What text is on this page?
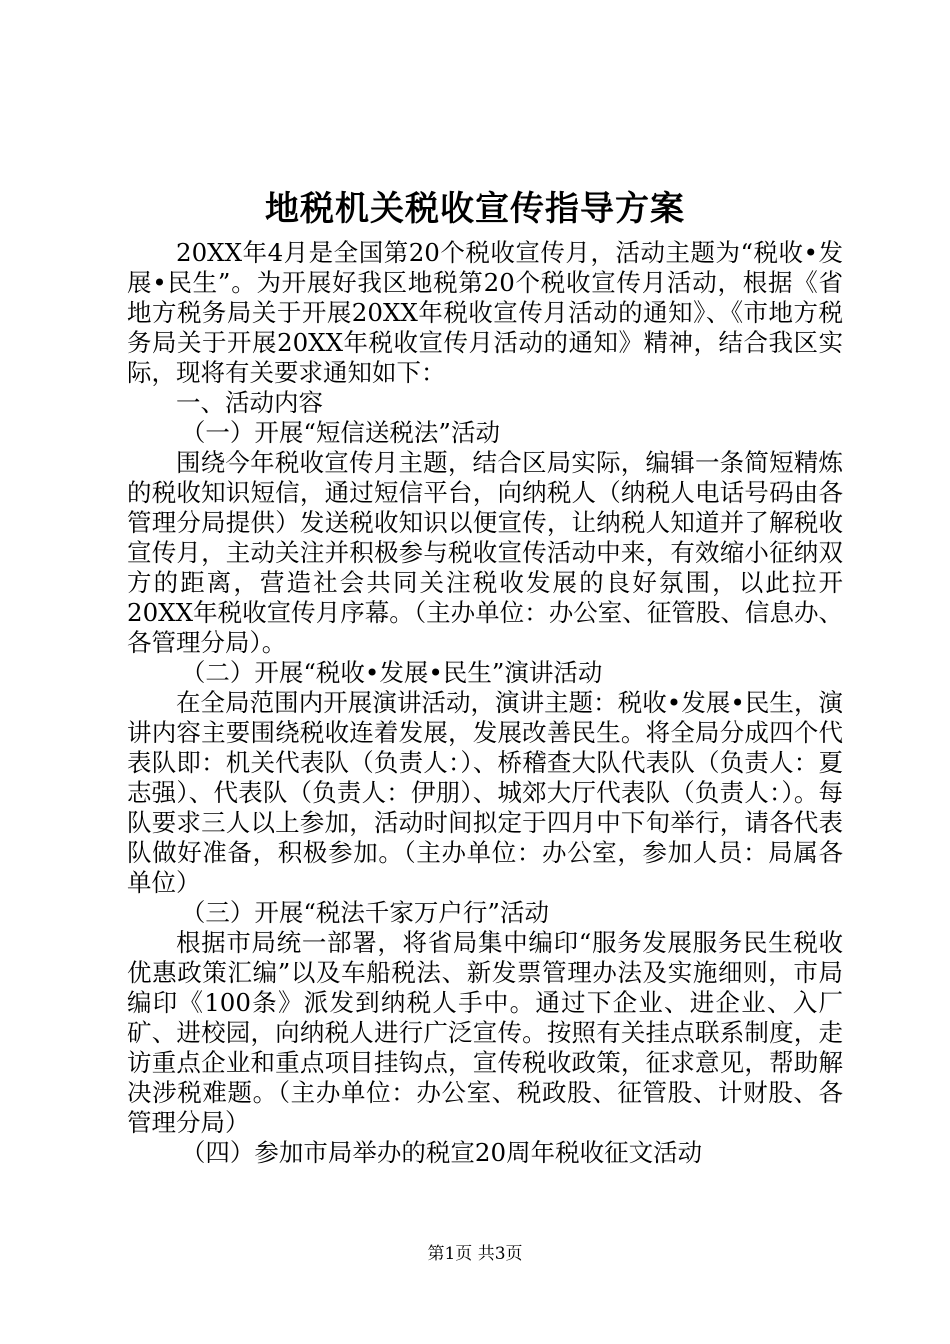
地税机关税收宣传指导方案

20XX年4月是全国第20个税收宣传月，活动主题为“税收•发展•民生”。为开展好我区地税第20个税收宣传月活动，根据《省地方税务局关于开展20XX年税收宣传月活动的通知》、《市地方税务局关于开展20XX年税收宣传月活动的通知》精神，结合我区实际，现将有关要求通知如下：

一、活动内容

（一）开展“短信送税法”活动

围绕今年税收宣传月主题，结合区局实际，编辑一条简短精炼的税收知识短信，通过短信平台，向纳税人（纳税人电话号码由各管理分局提供）发送税收知识以便宣传，让纳税人知道并了解税收宣传月，主动关注并积极参与税收宣传活动中来，有效缩小征纳双方的距离，营造社会共同关注税收发展的良好氛围，以此拉开20XX年税收宣传月序幕。（主办单位：办公室、征管股、信息办、各管理分局）。

（二）开展“税收•发展•民生”演讲活动

在全局范围内开展演讲活动，演讲主题：税收•发展•民生，演讲内容主要围绕税收连着发展，发展改善民生。将全局分成四个代表队即：机关代表队（负责人：）、桥稽查大队代表队（负责人：夏志强）、代表队（负责人：伊朋）、城郊大厅代表队（负责人：）。每队要求三人以上参加，活动时间拟定于四月中下旬举行，请各代表队做好准备，积极参加。（主办单位：办公室，参加人员：局属各单位）

（三）开展“税法千家万户行”活动

根据市局统一部署，将省局集中编印“服务发展服务民生税收优惠政策汇编”以及车船税法、新发票管理办法及实施细则，市局编印《100条》派发到纳税人手中。通过下企业、进企业、入厂矿、进校园，向纳税人进行广泛宣传。按照有关挂点联系制度，走访重点企业和重点项目挂钩点，宣传税收政策，征求意见，帮助解决涉税难题。（主办单位：办公室、税政股、征管股、计财股、各管理分局）

（四）参加市局举办的税宣20周年税收征文活动

第1页 共3页
